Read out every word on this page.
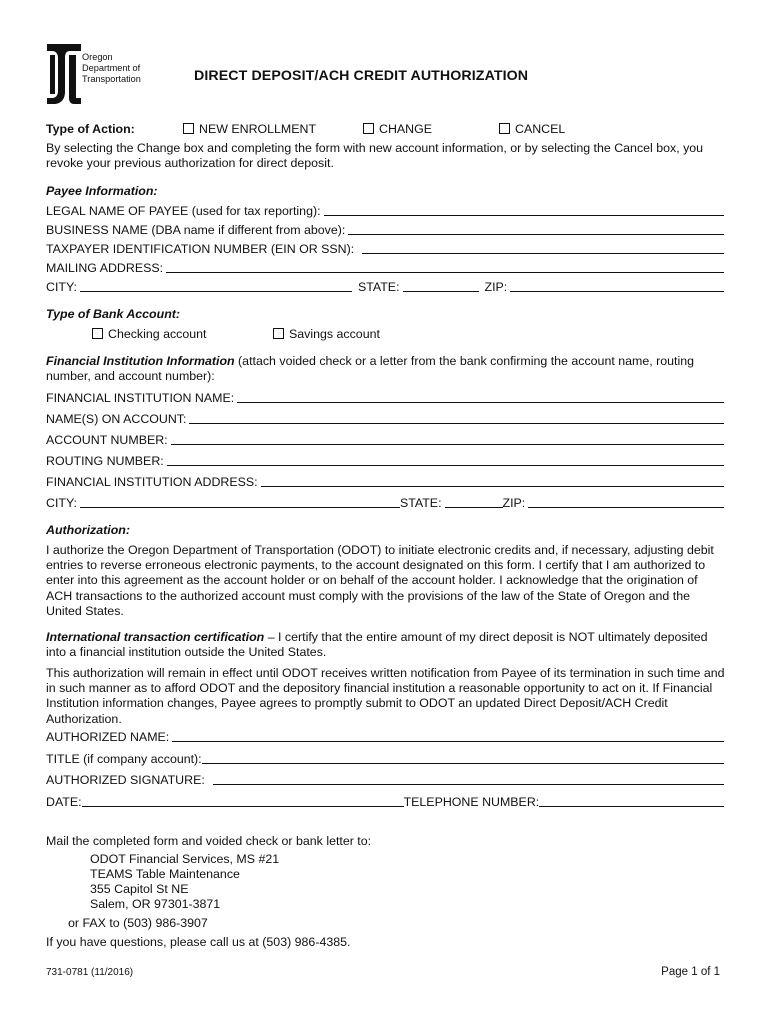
Oregon
Department of
Transportation	DIRECT DEPOSIT/ACH CREDIT AUTHORIZATION
Type of Action:	NEW ENROLLMENT	CHANGE	CANCEL
By selecting the Change box and completing the form with new account information, or by selecting the Cancel box, you revoke your previous authorization for direct deposit.
Payee Information:
LEGAL NAME OF PAYEE (used for tax reporting):
BUSINESS NAME (DBA name if different from above):
TAXPAYER IDENTIFICATION NUMBER (EIN OR SSN):
MAILING ADDRESS:
CITY:	STATE:	ZIP:
Type of Bank Account:
Checking account	Savings account
Financial Institution Information (attach voided check or a letter from the bank confirming the account name, routing number, and account number):
FINANCIAL INSTITUTION NAME:
NAME(S) ON ACCOUNT:
ACCOUNT NUMBER:
ROUTING NUMBER:
FINANCIAL INSTITUTION ADDRESS:
CITY:	STATE:	ZIP:
Authorization:
I authorize the Oregon Department of Transportation (ODOT) to initiate electronic credits and, if necessary, adjusting debit entries to reverse erroneous electronic payments, to the account designated on this form. I certify that I am authorized to enter into this agreement as the account holder or on behalf of the account holder. I acknowledge that the origination of ACH transactions to the authorized account must comply with the provisions of the law of the State of Oregon and the United States.
International transaction certification – I certify that the entire amount of my direct deposit is NOT ultimately deposited into a financial institution outside the United States.
This authorization will remain in effect until ODOT receives written notification from Payee of its termination in such time and in such manner as to afford ODOT and the depository financial institution a reasonable opportunity to act on it. If Financial Institution information changes, Payee agrees to promptly submit to ODOT an updated Direct Deposit/ACH Credit Authorization.
AUTHORIZED NAME:
TITLE (if company account):
AUTHORIZED SIGNATURE:
DATE:	TELEPHONE NUMBER:
Mail the completed form and voided check or bank letter to:
ODOT Financial Services, MS #21
TEAMS Table Maintenance
355 Capitol St NE
Salem, OR 97301-3871
or FAX to (503) 986-3907
If you have questions, please call us at (503) 986-4385.
731-0781 (11/2016)	Page 1 of 1
